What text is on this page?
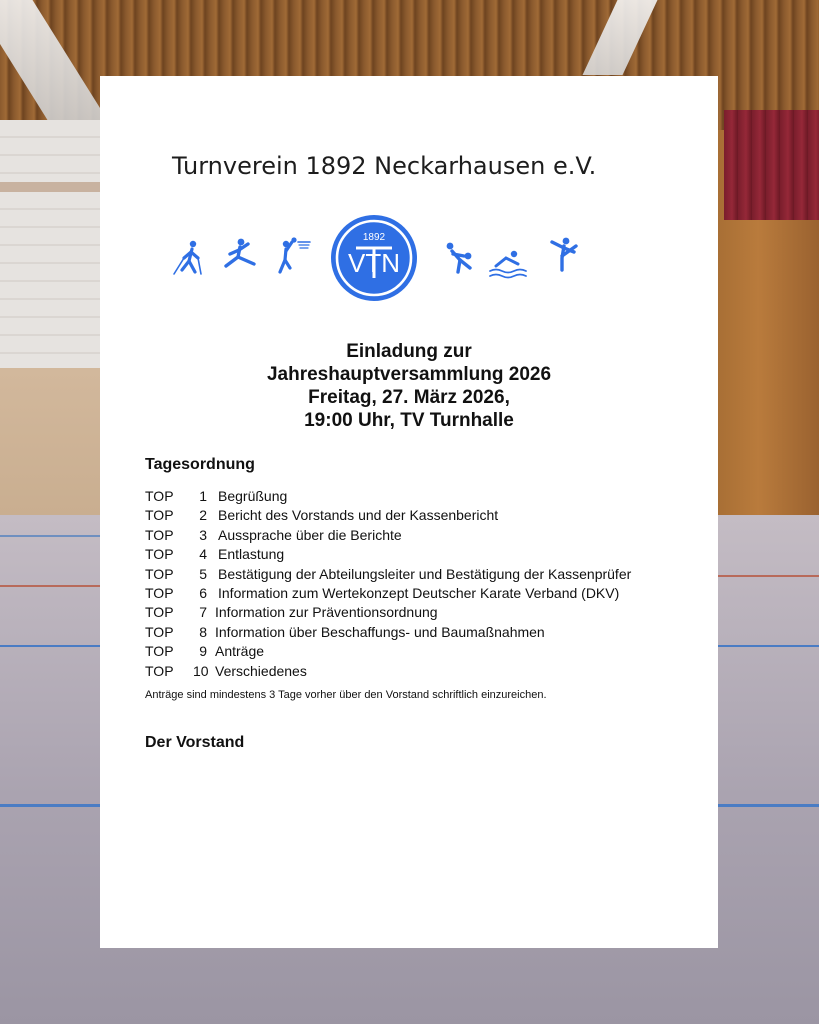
Turnverein 1892 Neckarhausen e.V.
1892
VTN
Einladung zur
Jahreshauptversammlung 2026
Freitag, 27. März 2026,
19:00 Uhr, TV Turnhalle
Tagesordnung
TOP	1 Begrüßung
TOP	2 Bericht des Vorstands und der Kassenbericht
TOP	3 Aussprache über die Berichte
TOP	4 Entlastung
TOP	5 Bestätigung der Abteilungsleiter und Bestätigung der Kassenprüfer
TOP	6 Information zum Wertekonzept Deutscher Karate Verband (DKV)
TOP	7 Information zur Präventionsordnung
TOP	8 Information über Beschaffungs- und Baumaßnahmen
TOP	9 Anträge
TOP 10 Verschiedenes
Anträge sind mindestens 3 Tage vorher über den Vorstand schriftlich einzureichen.
Der Vorstand
